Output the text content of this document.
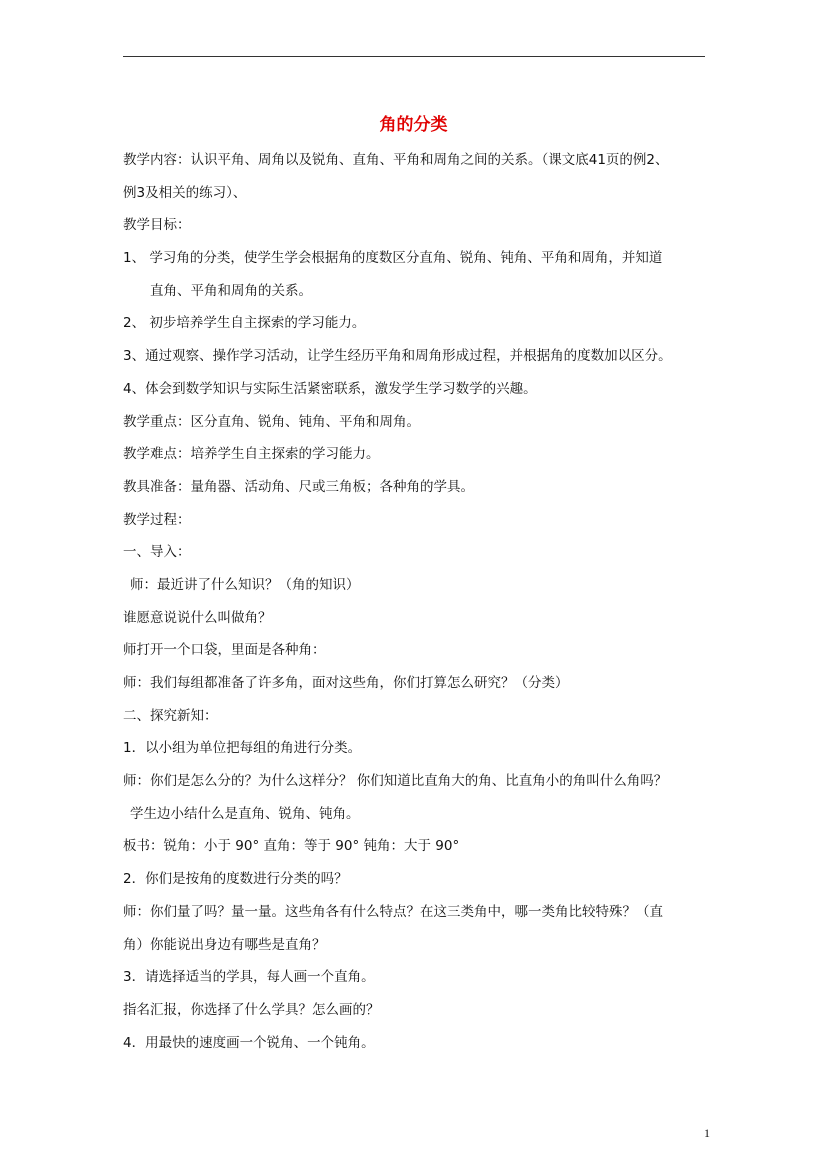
角的分类
教学内容：认识平角、周角以及锐角、直角、平角和周角之间的关系。（课文底41页的例2、
例3及相关的练习）、
教学目标：
1、 学习角的分类，使学生学会根据角的度数区分直角、锐角、钝角、平角和周角，并知道
直角、平角和周角的关系。
2、 初步培养学生自主探索的学习能力。
3、通过观察、操作学习活动，让学生经历平角和周角形成过程，并根据角的度数加以区分。
4、体会到数学知识与实际生活紧密联系，激发学生学习数学的兴趣。
教学重点：区分直角、锐角、钝角、平角和周角。
教学难点：培养学生自主探索的学习能力。
教具准备：量角器、活动角、尺或三角板；各种角的学具。
教学过程：
一、导入：
师：最近讲了什么知识？（角的知识）
谁愿意说说什么叫做角？
师打开一个口袋，里面是各种角：
师：我们每组都准备了许多角，面对这些角，你们打算怎么研究？（分类）
二、探究新知：
1．以小组为单位把每组的角进行分类。
师：你们是怎么分的？为什么这样分？ 你们知道比直角大的角、比直角小的角叫什么角吗？
学生边小结什么是直角、锐角、钝角。
板书：锐角：小于 90° 直角：等于 90° 钝角：大于 90°
2．你们是按角的度数进行分类的吗？
师：你们量了吗？量一量。这些角各有什么特点？在这三类角中，哪一类角比较特殊？（直
角）你能说出身边有哪些是直角？
3．请选择适当的学具，每人画一个直角。
指名汇报，你选择了什么学具？怎么画的？
4．用最快的速度画一个锐角、一个钝角。
1
